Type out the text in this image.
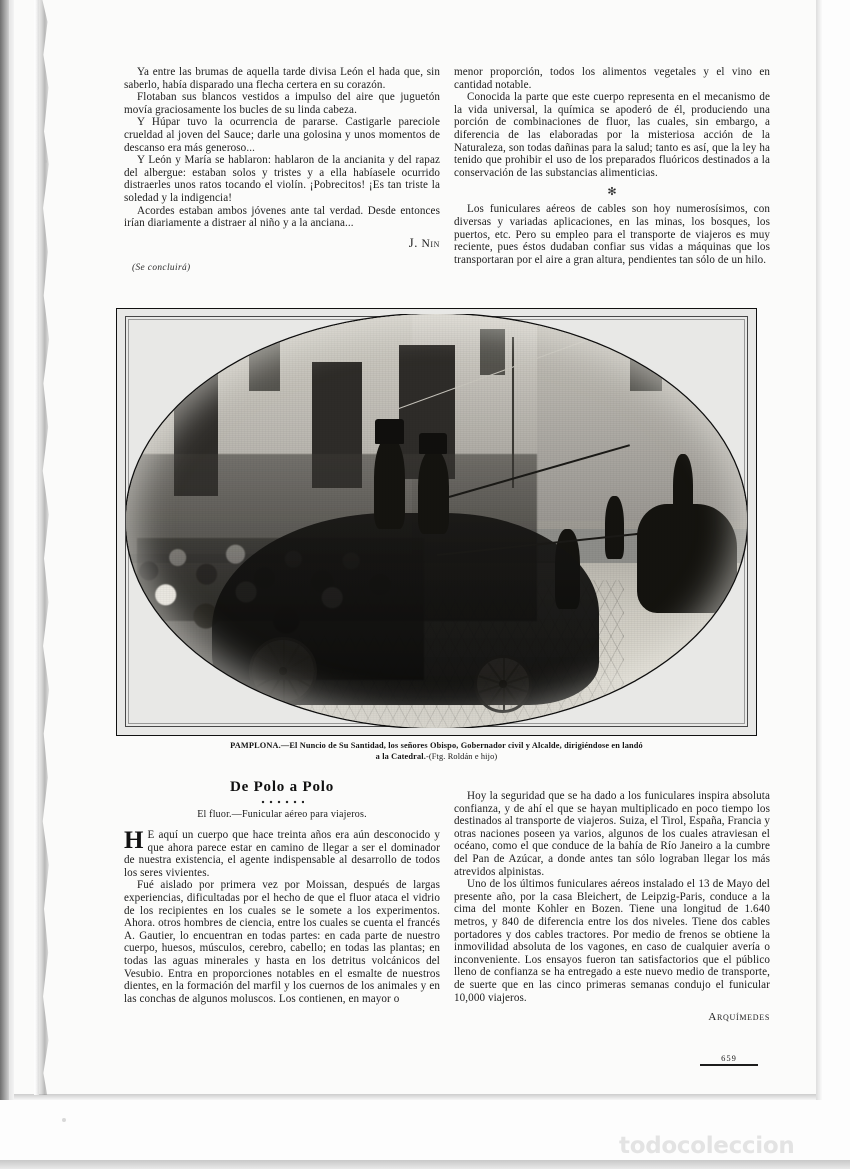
Ya entre las brumas de aquella tarde divisa León el hada que, sin saberlo, había disparado una flecha certera en su corazón.

Flotaban sus blancos vestidos a impulso del aire que juguetón movía graciosamente los bucles de su linda cabeza.

Y Húpar tuvo la ocurrencia de pararse. Castigarle pareciole crueldad al joven del Sauce; darle una golosina y unos momentos de descanso era más generoso...

Y León y María se hablaron: hablaron de la ancianita y del rapaz del albergue: estaban solos y tristes y a ella habíasele ocurrido distraerles unos ratos tocando el violín. ¡Pobrecitos! ¡Es tan triste la soledad y la indigencia!

Acordes estaban ambos jóvenes ante tal verdad. Desde entonces irían diariamente a distraer al niño y a la anciana...

J. Nin
(Se concluirá)

menor proporción, todos los alimentos vegetales y el vino en cantidad notable.

Conocida la parte que este cuerpo representa en el mecanismo de la vida universal, la química se apoderó de él, produciendo una porción de combinaciones de fluor, las cuales, sin embargo, a diferencia de las elaboradas por la misteriosa acción de la Naturaleza, son todas dañinas para la salud; tanto es así, que la ley ha tenido que prohibir el uso de los preparados fluóricos destinados a la conservación de las substancias alimenticias.

✻

Los funiculares aéreos de cables son hoy numerosísimos, con diversas y variadas aplicaciones, en las minas, los bosques, los puertos, etc. Pero su empleo para el transporte de viajeros es muy reciente, pues éstos dudaban confiar sus vidas a máquinas que los transportaran por el aire a gran altura, pendientes tan sólo de un hilo.

PAMPLONA.—El Nuncio de Su Santidad, los señores Obispo, Gobernador civil y Alcalde, dirigiéndose en landó
a la Catedral.-(Ftg. Roldán e hijo)
De Polo a Polo
El fluor.—Funicular aéreo para viajeros.

H E aquí un cuerpo que hace treinta años era aún desconocido y que ahora parece estar en camino de llegar a ser el dominador de nuestra existencia, el agente indispensable al desarrollo de todos los seres vivientes.

Fué aislado por primera vez por Moissan, después de largas experiencias, dificultadas por el hecho de que el fluor ataca el vidrio de los recipientes en los cuales se le somete a los experimentos. Ahora. otros hombres de ciencia, entre los cuales se cuenta el francés A. Gautier, lo encuentran en todas partes: en cada parte de nuestro cuerpo, huesos, músculos, cerebro, cabello; en todas las plantas; en todas las aguas minerales y hasta en los detritus volcánicos del Vesubio. Entra en proporciones notables en el esmalte de nuestros dientes, en la formación del marfil y los cuernos de los animales y en las conchas de algunos moluscos. Los contienen, en mayor o

Hoy la seguridad que se ha dado a los funiculares inspira absoluta confianza, y de ahí el que se hayan multiplicado en poco tiempo los destinados al transporte de viajeros. Suiza, el Tirol, España, Francia y otras naciones poseen ya varios, algunos de los cuales atraviesan el océano, como el que conduce de la bahía de Río Janeiro a la cumbre del Pan de Azúcar, a donde antes tan sólo lograban llegar los más atrevidos alpinistas.

Uno de los últimos funiculares aéreos instalado el 13 de Mayo del presente año, por la casa Bleichert, de Leipzig-Paris, conduce a la cima del monte Kohler en Bozen. Tiene una longitud de 1.640 metros, y 840 de diferencia entre los dos niveles. Tiene dos cables portadores y dos cables tractores. Por medio de frenos se obtiene la inmovilidad absoluta de los vagones, en caso de cualquier avería o inconveniente. Los ensayos fueron tan satisfactorios que el público lleno de confianza se ha entregado a este nuevo medio de transporte, de suerte que en las cinco primeras semanas condujo el funicular 10,000 viajeros.

Arquímedes
659
todocoleccion
